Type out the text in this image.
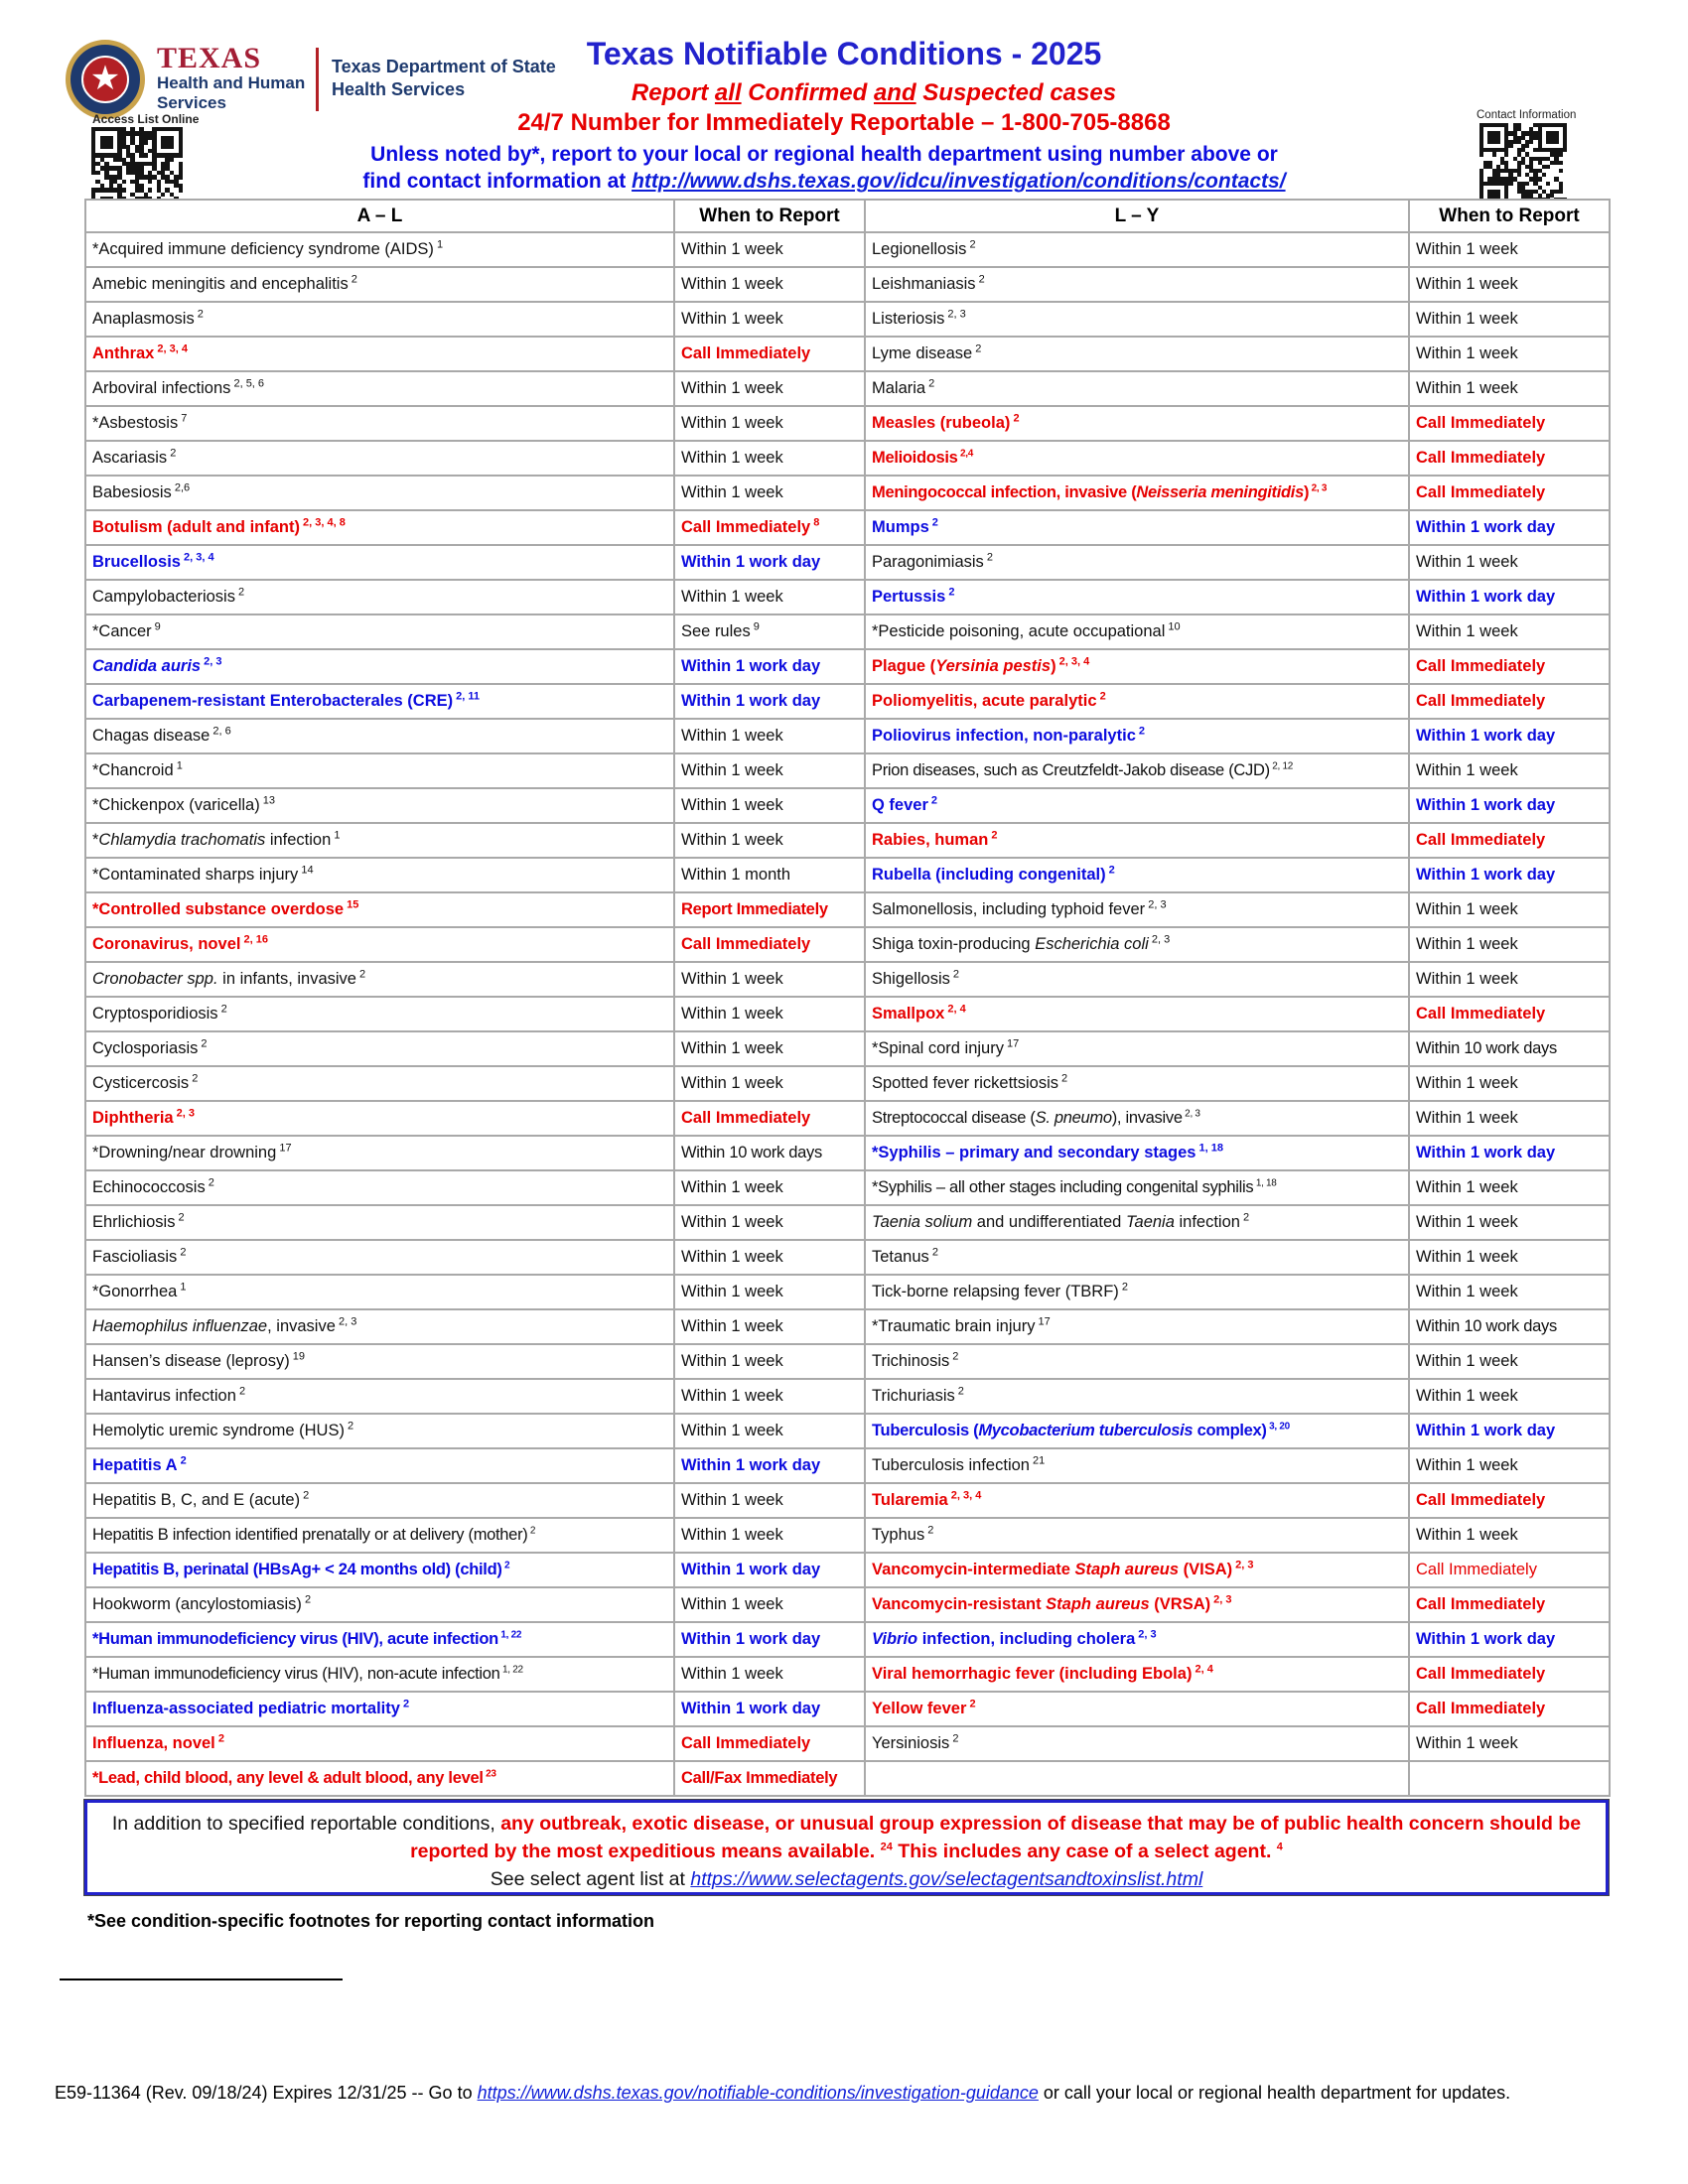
★
TEXAS
Health and Human
Services
Texas Department of State
Health Services
Texas Notifiable Conditions - 2025
Report all Confirmed and Suspected cases
24/7 Number for Immediately Reportable – 1-800-705-8868
Unless noted by*, report to your local or regional health department using number above or
find contact information at http://www.dshs.texas.gov/idcu/investigation/conditions/contacts/
Access List Online	Contact Information
A – L	When to Report	L – Y	When to Report
*Acquired immune deficiency syndrome (AIDS) $^1$	Within 1 week	Legionellosis $^2$	Within 1 week
Amebic meningitis and encephalitis $^2$	Within 1 week	Leishmaniasis $^2$	Within 1 week
Anaplasmosis $^2$	Within 1 week	Listeriosis $^{2, 3}$	Within 1 week
Anthrax $^{2, 3, 4}$	Call Immediately	Lyme disease $^2$	Within 1 week
Arboviral infections $^{2, 5, 6}$	Within 1 week	Malaria $^2$	Within 1 week
*Asbestosis $^7$	Within 1 week	Measles (rubeola) $^2$	Call Immediately
Ascariasis $^2$	Within 1 week	Melioidosis $^{2,4}$	Call Immediately
Babesiosis $^{2,6}$	Within 1 week	Meningococcal infection, invasive (Neisseria meningitidis) $^{2, 3}$	Call Immediately
Botulism (adult and infant) $^{2, 3, 4, 8}$	Call Immediately $^8$	Mumps $^2$	Within 1 work day
Brucellosis $^{2, 3, 4}$	Within 1 work day	Paragonimiasis $^2$	Within 1 week
Campylobacteriosis $^2$	Within 1 week	Pertussis $^2$	Within 1 work day
*Cancer $^9$	See rules $^9$	*Pesticide poisoning, acute occupational $^{10}$	Within 1 week
Candida auris $^{2, 3}$	Within 1 work day	Plague (Yersinia pestis) $^{2, 3, 4}$	Call Immediately
Carbapenem-resistant Enterobacterales (CRE) $^{2, 11}$	Within 1 work day	Poliomyelitis, acute paralytic $^2$	Call Immediately
Chagas disease $^{2, 6}$	Within 1 week	Poliovirus infection, non-paralytic $^2$	Within 1 work day
*Chancroid $^1$	Within 1 week	Prion diseases, such as Creutzfeldt-Jakob disease (CJD) $^{2, 12}$	Within 1 week
*Chickenpox (varicella) $^{13}$	Within 1 week	Q fever $^2$	Within 1 work day
*Chlamydia trachomatis infection $^1$	Within 1 week	Rabies, human $^2$	Call Immediately
*Contaminated sharps injury $^{14}$	Within 1 month	Rubella (including congenital) $^2$	Within 1 work day
*Controlled substance overdose $^{15}$	Report Immediately	Salmonellosis, including typhoid fever $^{2, 3}$	Within 1 week
Coronavirus, novel $^{2, 16}$	Call Immediately	Shiga toxin-producing Escherichia coli $^{2, 3}$	Within 1 week
Cronobacter spp. in infants, invasive $^2$	Within 1 week	Shigellosis $^2$	Within 1 week
Cryptosporidiosis $^2$	Within 1 week	Smallpox $^{2, 4}$	Call Immediately
Cyclosporiasis $^2$	Within 1 week	*Spinal cord injury $^{17}$	Within 10 work days
Cysticercosis $^2$	Within 1 week	Spotted fever rickettsiosis $^2$	Within 1 week
Diphtheria $^{2, 3}$	Call Immediately	Streptococcal disease (S. pneumo), invasive $^{2, 3}$	Within 1 week
*Drowning/near drowning $^{17}$	Within 10 work days	*Syphilis – primary and secondary stages $^{1, 18}$	Within 1 work day
Echinococcosis $^2$	Within 1 week	*Syphilis – all other stages including congenital syphilis $^{1, 18}$	Within 1 week
Ehrlichiosis $^2$	Within 1 week	Taenia solium and undifferentiated Taenia infection $^2$	Within 1 week
Fascioliasis $^2$	Within 1 week	Tetanus $^2$	Within 1 week
*Gonorrhea $^1$	Within 1 week	Tick-borne relapsing fever (TBRF) $^2$	Within 1 week
Haemophilus influenzae, invasive $^{2, 3}$	Within 1 week	*Traumatic brain injury $^{17}$	Within 10 work days
Hansen’s disease (leprosy) $^{19}$	Within 1 week	Trichinosis $^2$	Within 1 week
Hantavirus infection $^2$	Within 1 week	Trichuriasis $^2$	Within 1 week
Hemolytic uremic syndrome (HUS) $^2$	Within 1 week	Tuberculosis (Mycobacterium tuberculosis complex) $^{3, 20}$	Within 1 work day
Hepatitis A $^2$	Within 1 work day	Tuberculosis infection $^{21}$	Within 1 week
Hepatitis B, C, and E (acute) $^2$	Within 1 week	Tularemia $^{2, 3, 4}$	Call Immediately
Hepatitis B infection identified prenatally or at delivery (mother) $^2$	Within 1 week	Typhus $^2$	Within 1 week
Hepatitis B, perinatal (HBsAg+ < 24 months old) (child) $^2$	Within 1 work day	Vancomycin-intermediate Staph aureus (VISA) $^{2, 3}$	Call Immediately
Hookworm (ancylostomiasis) $^2$	Within 1 week	Vancomycin-resistant Staph aureus (VRSA) $^{2, 3}$	Call Immediately
*Human immunodeficiency virus (HIV), acute infection $^{1, 22}$	Within 1 work day	Vibrio infection, including cholera $^{2, 3}$	Within 1 work day
*Human immunodeficiency virus (HIV), non-acute infection $^{1, 22}$	Within 1 week	Viral hemorrhagic fever (including Ebola) $^{2, 4}$	Call Immediately
Influenza-associated pediatric mortality $^2$	Within 1 work day	Yellow fever $^2$	Call Immediately
Influenza, novel $^2$	Call Immediately	Yersiniosis $^2$	Within 1 week
*Lead, child blood, any level & adult blood, any level $^{23}$	Call/Fax Immediately		
In addition to specified reportable conditions, any outbreak, exotic disease, or unusual group expression of disease that may be of public health concern should be reported by the most expeditious means available. $^{24}$ This includes any case of a select agent. $^4$
See select agent list at https://www.selectagents.gov/selectagentsandtoxinslist.html
*See condition-specific footnotes for reporting contact information
E59-11364 (Rev. 09/18/24) Expires 12/31/25 -- Go to https://www.dshs.texas.gov/notifiable-conditions/investigation-guidance or call your local or regional health department for updates.
